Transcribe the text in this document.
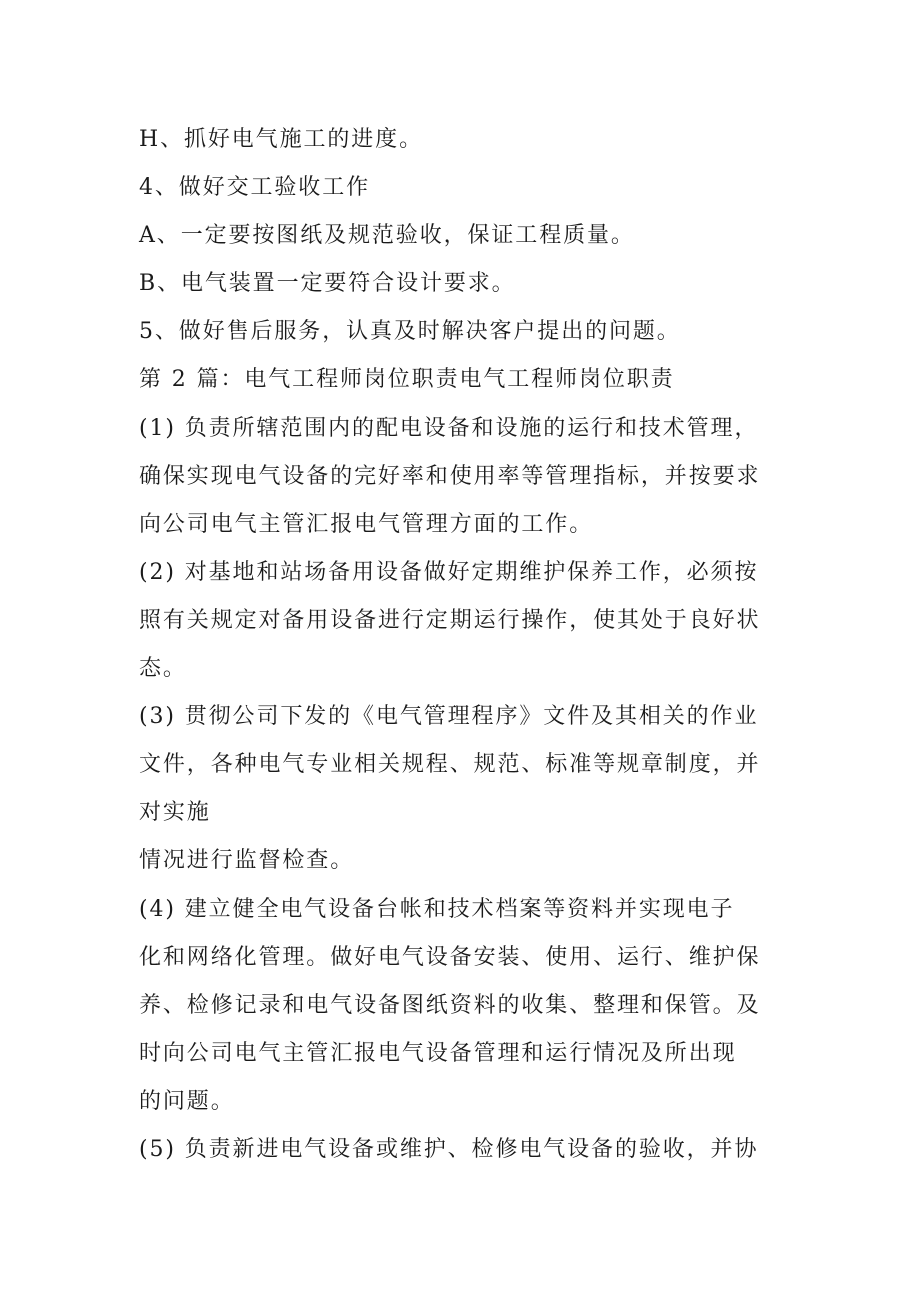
H、抓好电气施工的进度。
4、做好交工验收工作
A、一定要按图纸及规范验收，保证工程质量。
B、电气装置一定要符合设计要求。
5、做好售后服务，认真及时解决客户提出的问题。
第 2 篇：电气工程师岗位职责电气工程师岗位职责
(1) 负责所辖范围内的配电设备和设施的运行和技术管理，
确保实现电气设备的完好率和使用率等管理指标，并按要求
向公司电气主管汇报电气管理方面的工作。
(2) 对基地和站场备用设备做好定期维护保养工作，必须按
照有关规定对备用设备进行定期运行操作，使其处于良好状
态。
(3) 贯彻公司下发的《电气管理程序》文件及其相关的作业
文件，各种电气专业相关规程、规范、标准等规章制度，并
对实施
情况进行监督检查。
(4) 建立健全电气设备台帐和技术档案等资料并实现电子
化和网络化管理。做好电气设备安装、使用、运行、维护保
养、检修记录和电气设备图纸资料的收集、整理和保管。及
时向公司电气主管汇报电气设备管理和运行情况及所出现
的问题。
(5) 负责新进电气设备或维护、检修电气设备的验收，并协
